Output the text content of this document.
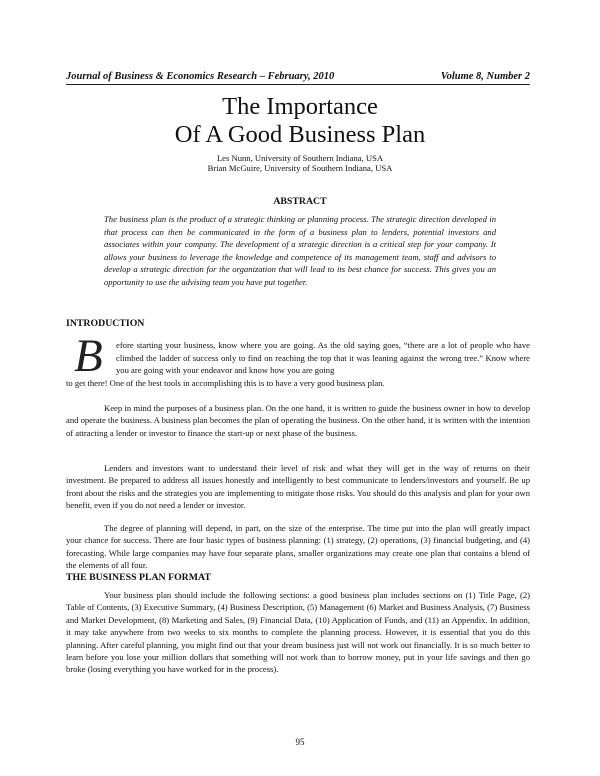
Journal of Business & Economics Research – February, 2010	Volume 8, Number 2
The Importance
Of A Good Business Plan
Les Nunn, University of Southern Indiana, USA
Brian McGuire, University of Southern Indiana, USA
ABSTRACT

The business plan is the product of a strategic thinking or planning process. The strategic direction developed in that process can then be communicated in the form of a business plan to lenders, potential investors and associates within your company. The development of a strategic direction is a critical step for your company. It allows your business to leverage the knowledge and competence of its management team, staff and advisors to develop a strategic direction for the organization that will lead to its best chance for success. This gives you an opportunity to use the advising team you have put together.

INTRODUCTION
B efore starting your business, know where you are going. As the old saying goes, “there are a lot of people who have climbed the ladder of success only to find on reaching the top that it was leaning against the wrong tree.” Know where you are going with your endeavor and know how you are going

to get there! One of the best tools in accomplishing this is to have a very good business plan.

Keep in mind the purposes of a business plan. On the one hand, it is written to guide the business owner in how to develop and operate the business. A business plan becomes the plan of operating the business. On the other hand, it is written with the intention of attracting a lender or investor to finance the start-up or next phase of the business.

Lenders and investors want to understand their level of risk and what they will get in the way of returns on their investment. Be prepared to address all issues honestly and intelligently to best communicate to lenders/investors and yourself. Be up front about the risks and the strategies you are implementing to mitigate those risks. You should do this analysis and plan for your own benefit, even if you do not need a lender or investor.

The degree of planning will depend, in part, on the size of the enterprise. The time put into the plan will greatly impact your chance for success. There are four basic types of business planning: (1) strategy, (2) operations, (3) financial budgeting, and (4) forecasting. While large companies may have four separate plans, smaller organizations may create one plan that contains a blend of the elements of all four.

THE BUSINESS PLAN FORMAT

Your business plan should include the following sections: a good business plan includes sections on (1) Title Page, (2) Table of Contents, (3) Executive Summary, (4) Business Description, (5) Management (6) Market and Business Analysis, (7) Business and Market Development, (8) Marketing and Sales, (9) Financial Data, (10) Application of Funds, and (11) an Appendix. In addition, it may take anywhere from two weeks to six months to complete the planning process. However, it is essential that you do this planning. After careful planning, you might find out that your dream business just will not work out financially. It is so much better to learn before you lose your million dollars that something will not work than to borrow money, put in your life savings and then go broke (losing everything you have worked for in the process).

95
